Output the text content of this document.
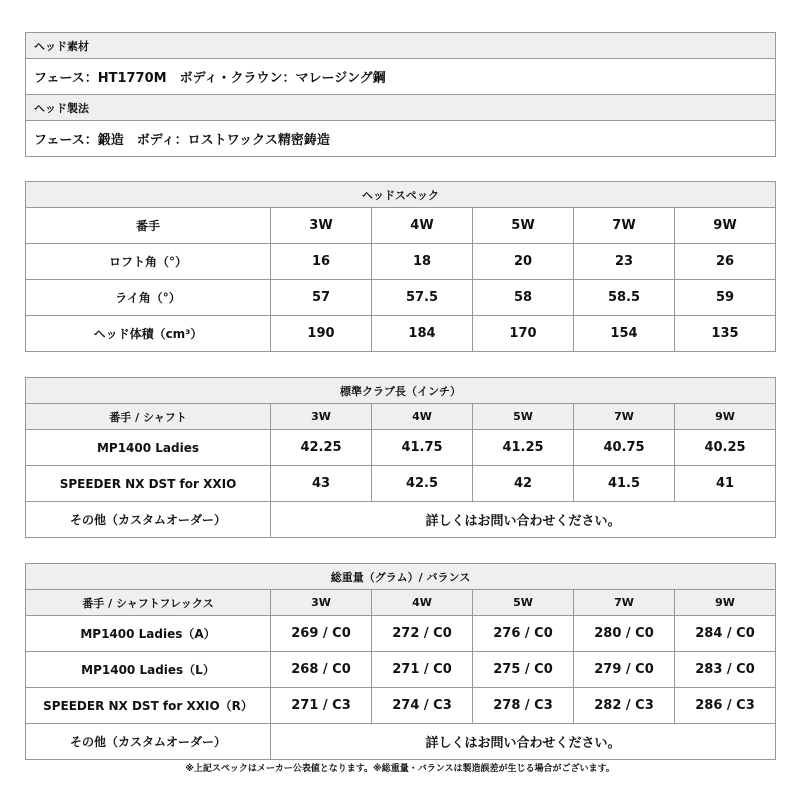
ヘッド素材
フェース：HT1770M　ボディ・クラウン：マレージング鋼
ヘッド製法
フェース：鍛造　ボディ：ロストワックス精密鋳造
ヘッドスペック					
番手	3W	4W	5W	7W	9W
ロフト角（°）	16	18	20	23	26
ライ角（°）	57	57.5	58	58.5	59
ヘッド体積（cm³）	190	184	170	154	135
標準クラブ長（インチ）					
番手 / シャフト	3W	4W	5W	7W	9W
MP1400 Ladies	42.25	41.75	41.25	40.75	40.25
SPEEDER NX DST for XXIO	43	42.5	42	41.5	41
その他（カスタムオーダー）	詳しくはお問い合わせください。				
総重量（グラム）/ バランス					
番手 / シャフトフレックス	3W	4W	5W	7W	9W
MP1400 Ladies（A）	269 / C0	272 / C0	276 / C0	280 / C0	284 / C0
MP1400 Ladies（L）	268 / C0	271 / C0	275 / C0	279 / C0	283 / C0
SPEEDER NX DST for XXIO（R）	271 / C3	274 / C3	278 / C3	282 / C3	286 / C3
その他（カスタムオーダー）	詳しくはお問い合わせください。				
※上記スペックはメーカー公表値となります。※総重量・バランスは製造誤差が生じる場合がございます。
